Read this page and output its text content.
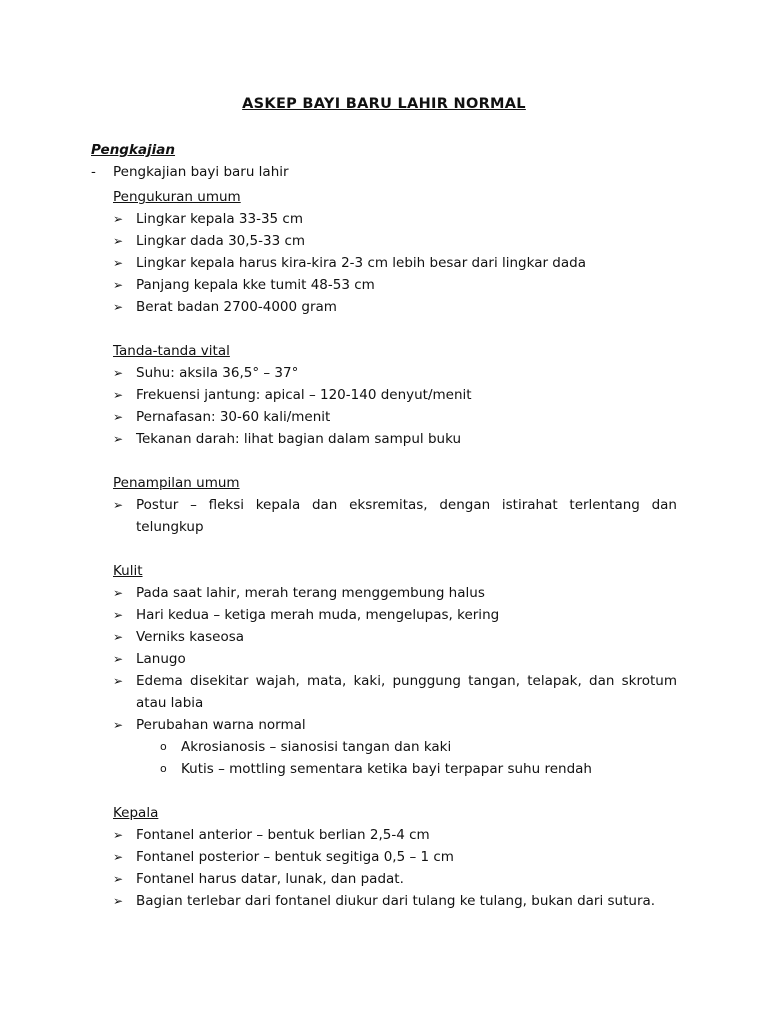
ASKEP BAYI BARU LAHIR NORMAL
Pengkajian
-	Pengkajian bayi baru lahir
Pengukuran umum
➢ Lingkar kepala 33-35 cm
➢ Lingkar dada 30,5-33 cm
➢ Lingkar kepala harus kira-kira 2-3 cm lebih besar dari lingkar dada
➢ Panjang kepala kke tumit 48-53 cm
➢ Berat badan 2700-4000 gram
Tanda-tanda vital
➢ Suhu: aksila 36,5° – 37°
➢ Frekuensi jantung: apical – 120-140 denyut/menit
➢ Pernafasan: 30-60 kali/menit
➢ Tekanan darah: lihat bagian dalam sampul buku
Penampilan umum
➢ Postur – fleksi kepala dan eksremitas, dengan istirahat terlentang dan telungkup
Kulit
➢ Pada saat lahir, merah terang menggembung halus
➢ Hari kedua – ketiga merah muda, mengelupas, kering
➢ Verniks kaseosa
➢ Lanugo
➢ Edema disekitar wajah, mata, kaki, punggung tangan, telapak, dan skrotum atau labia
➢ Perubahan warna normal
o Akrosianosis – sianosisi tangan dan kaki
o Kutis – mottling sementara ketika bayi terpapar suhu rendah
Kepala
➢ Fontanel anterior – bentuk berlian 2,5-4 cm
➢ Fontanel posterior – bentuk segitiga 0,5 – 1 cm
➢ Fontanel harus datar, lunak, dan padat.
➢ Bagian terlebar dari fontanel diukur dari tulang ke tulang, bukan dari sutura.
